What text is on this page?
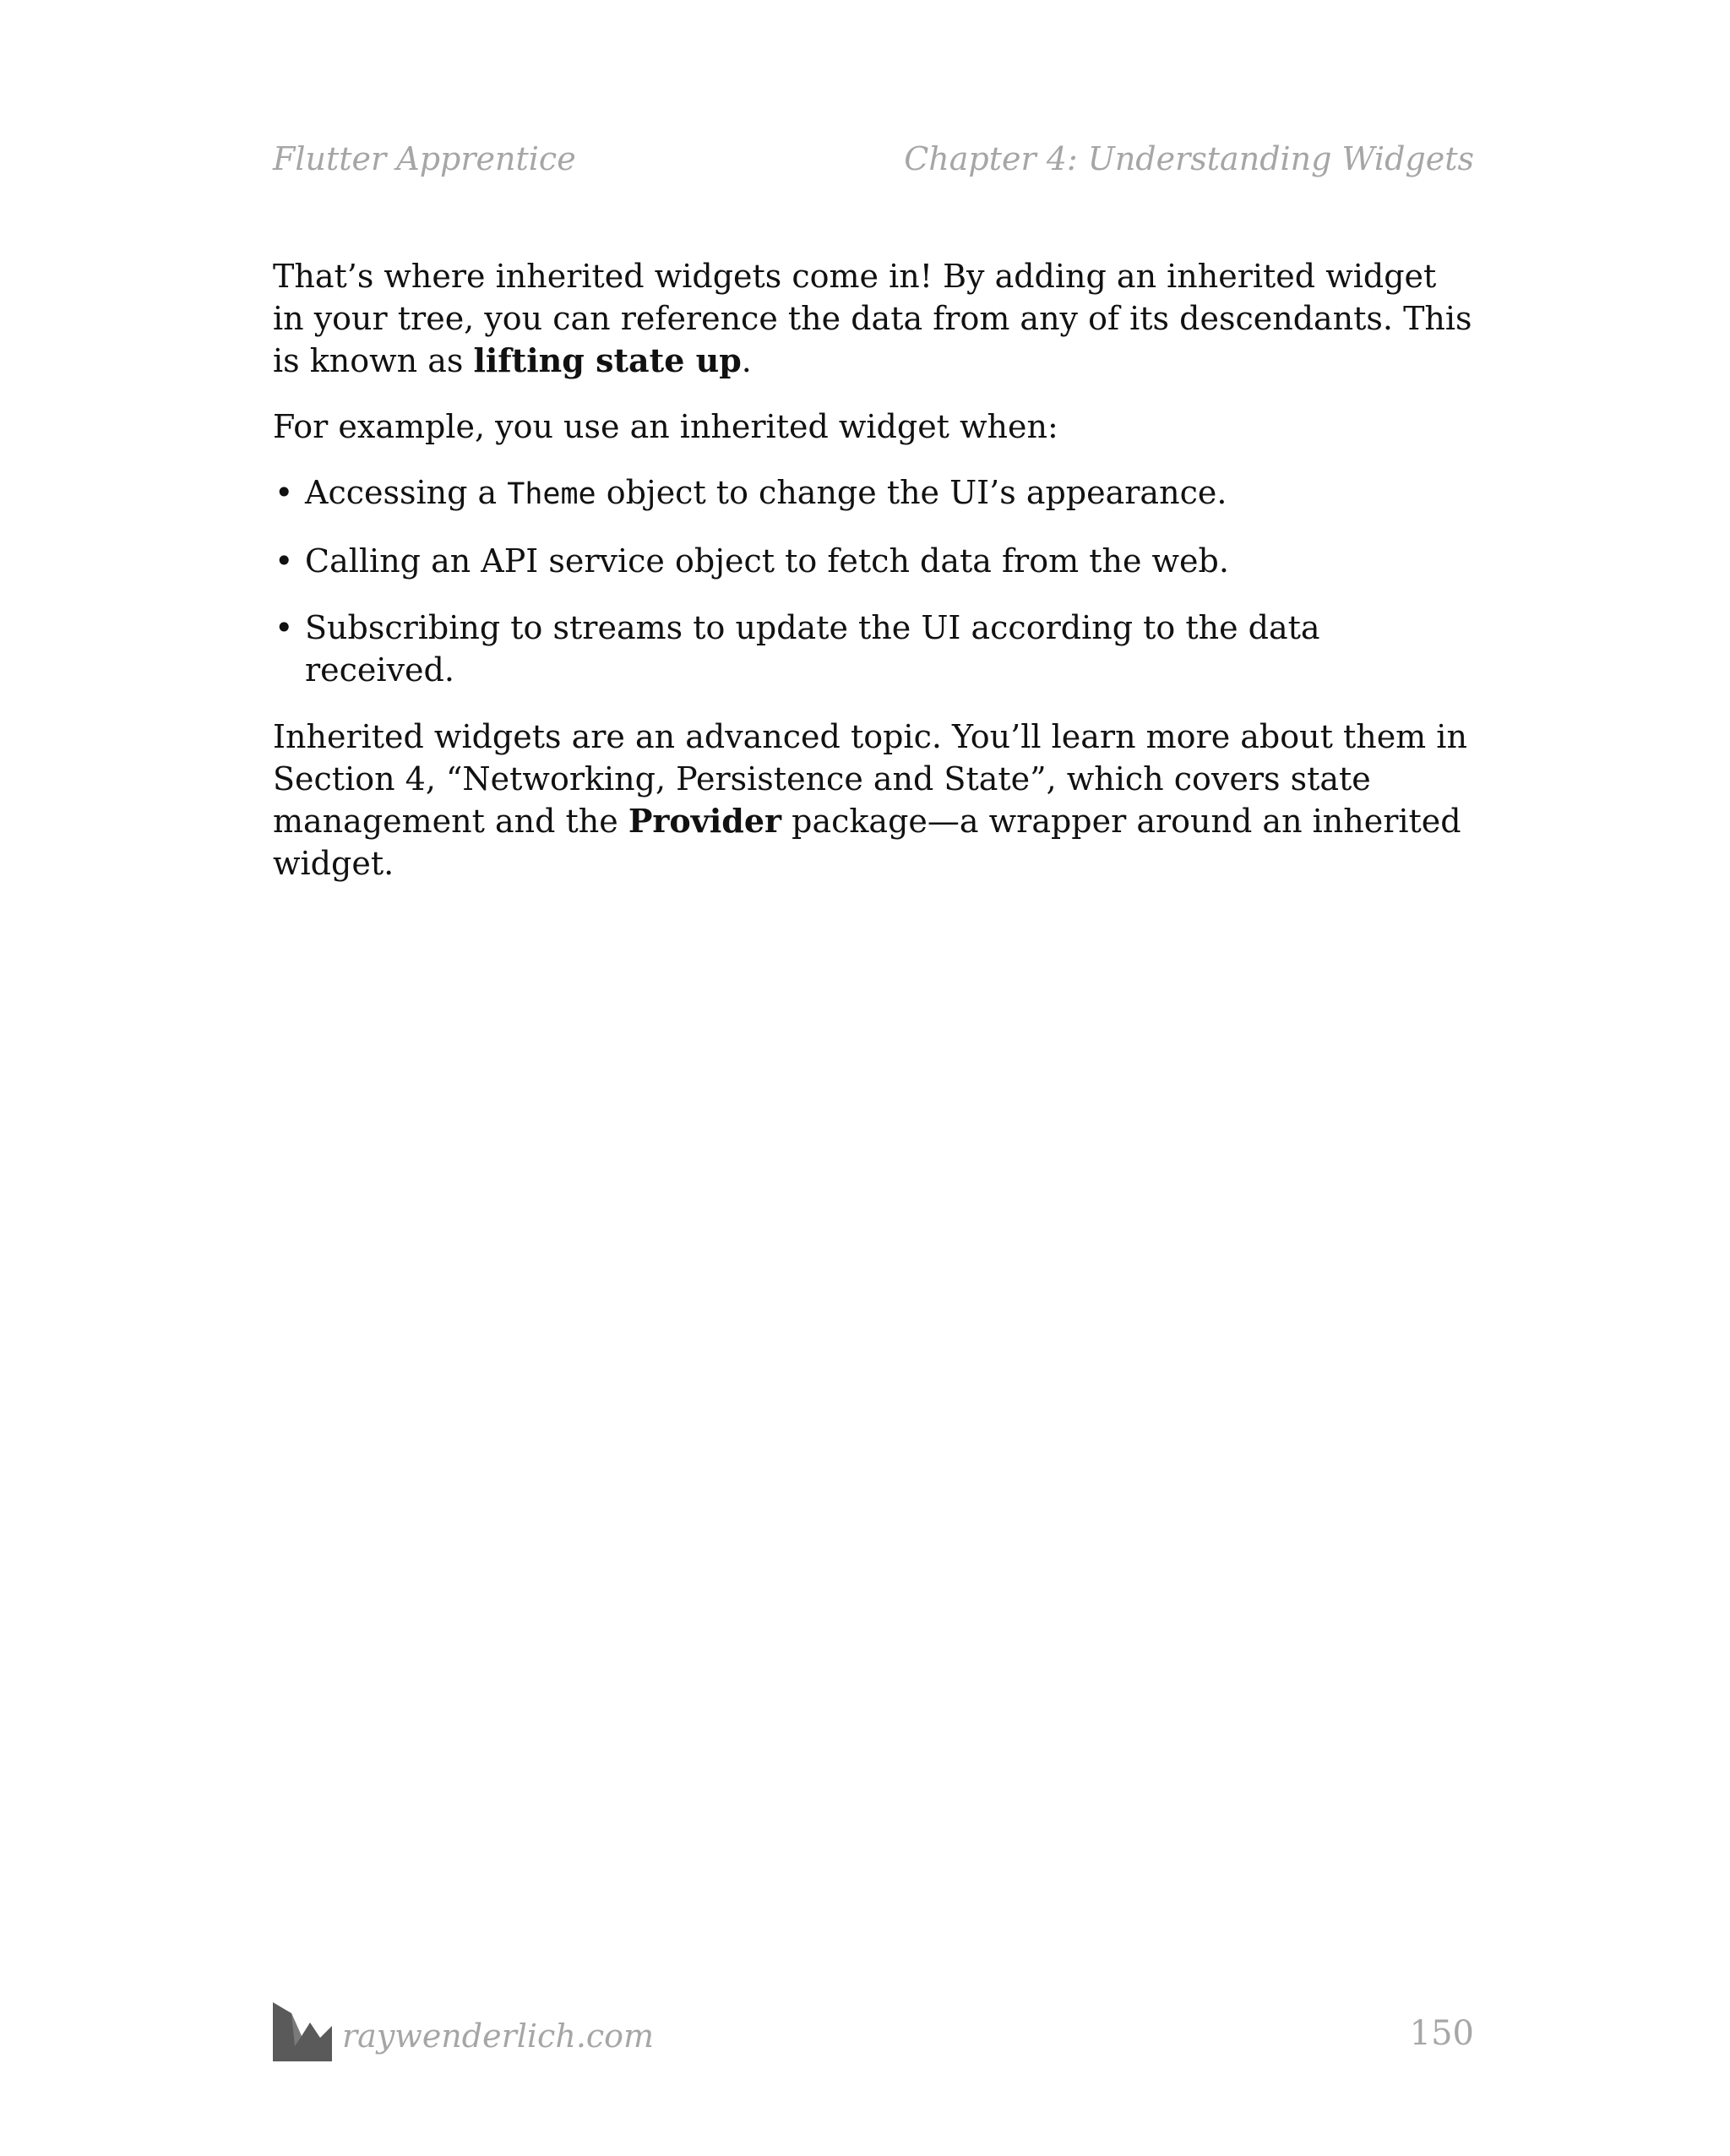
Flutter Apprentice	Chapter 4: Understanding Widgets

That’s where inherited widgets come in! By adding an inherited widget in your tree, you can reference the data from any of its descendants. This is known as lifting state up.

For example, you use an inherited widget when:

• Accessing a Theme object to change the UI’s appearance.
• Calling an API service object to fetch data from the web.
• Subscribing to streams to update the UI according to the data received.

Inherited widgets are an advanced topic. You’ll learn more about them in Section 4, “Networking, Persistence and State”, which covers state management and the Provider package—a wrapper around an inherited widget.

raywenderlich.com	150
